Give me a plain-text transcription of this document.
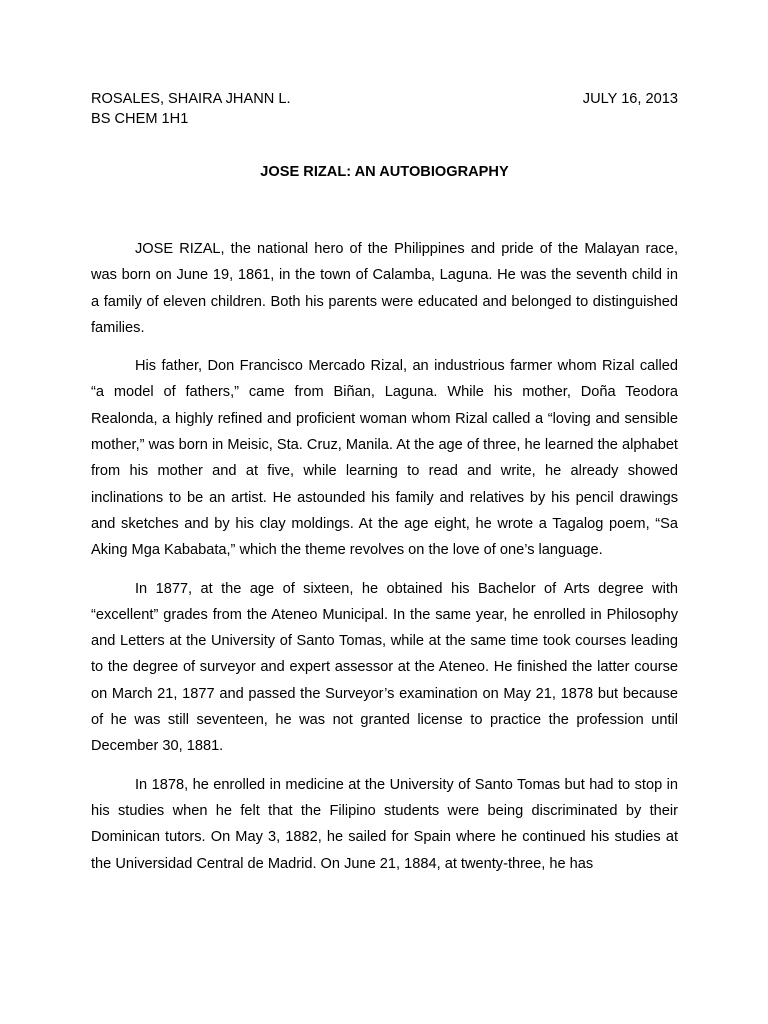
ROSALES, SHAIRA JHANN L.	JULY 16, 2013
BS CHEM 1H1
JOSE RIZAL: AN AUTOBIOGRAPHY

JOSE RIZAL, the national hero of the Philippines and pride of the Malayan race, was born on June 19, 1861, in the town of Calamba, Laguna. He was the seventh child in a family of eleven children. Both his parents were educated and belonged to distinguished families.

His father, Don Francisco Mercado Rizal, an industrious farmer whom Rizal called “a model of fathers,” came from Biñan, Laguna. While his mother, Doña Teodora Realonda, a highly refined and proficient woman whom Rizal called a “loving and sensible mother,” was born in Meisic, Sta. Cruz, Manila. At the age of three, he learned the alphabet from his mother and at five, while learning to read and write, he already showed inclinations to be an artist. He astounded his family and relatives by his pencil drawings and sketches and by his clay moldings. At the age eight, he wrote a Tagalog poem, “Sa Aking Mga Kababata,” which the theme revolves on the love of one’s language.

In 1877, at the age of sixteen, he obtained his Bachelor of Arts degree with “excellent” grades from the Ateneo Municipal. In the same year, he enrolled in Philosophy and Letters at the University of Santo Tomas, while at the same time took courses leading to the degree of surveyor and expert assessor at the Ateneo. He finished the latter course on March 21, 1877 and passed the Surveyor’s examination on May 21, 1878 but because of he was still seventeen, he was not granted license to practice the profession until December 30, 1881.

In 1878, he enrolled in medicine at the University of Santo Tomas but had to stop in his studies when he felt that the Filipino students were being discriminated by their Dominican tutors. On May 3, 1882, he sailed for Spain where he continued his studies at the Universidad Central de Madrid. On June 21, 1884, at twenty-three, he has
